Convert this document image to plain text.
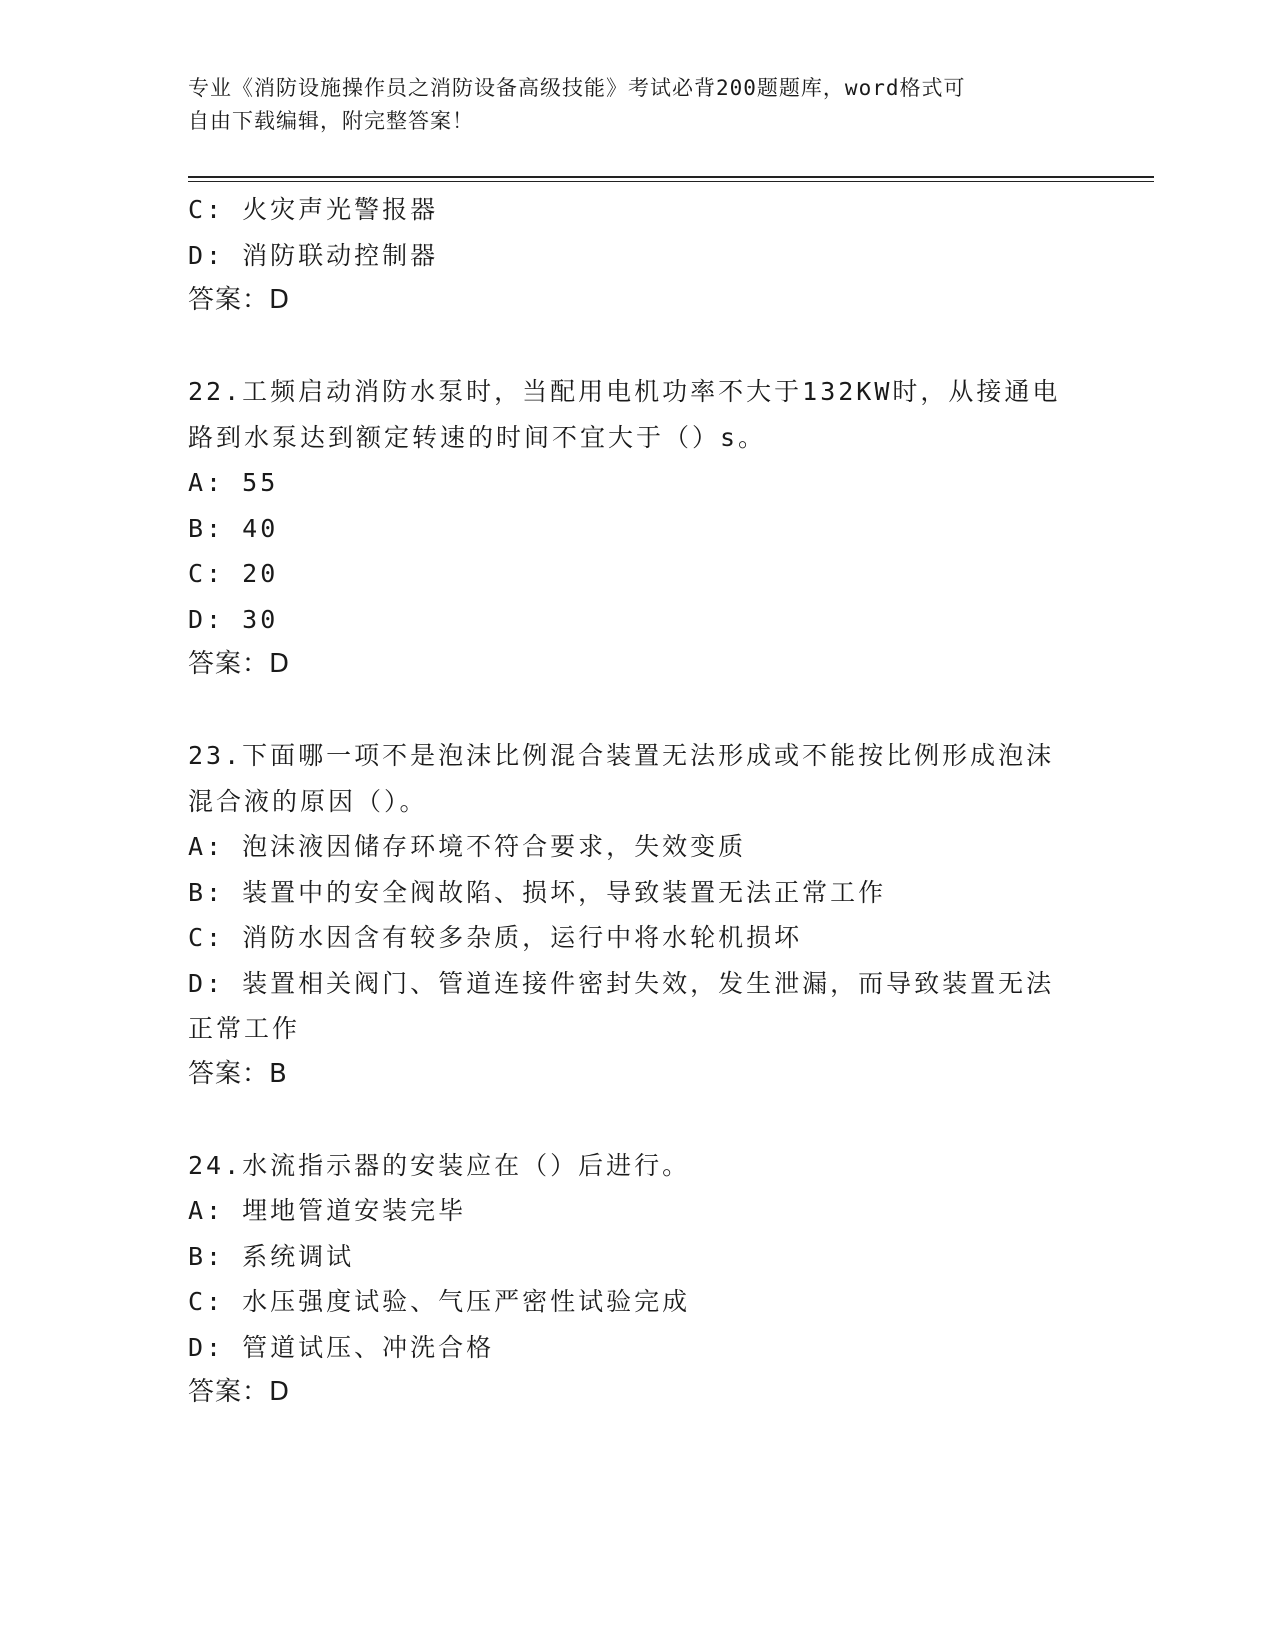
专业《消防设施操作员之消防设备高级技能》考试必背200题题库，word格式可
自由下载编辑，附完整答案！
C: 火灾声光警报器
D: 消防联动控制器
答案：D
22.工频启动消防水泵时，当配用电机功率不大于132KW时，从接通电
路到水泵达到额定转速的时间不宜大于（）s。
A: 55
B: 40
C: 20
D: 30
答案：D
23.下面哪一项不是泡沫比例混合装置无法形成或不能按比例形成泡沫
混合液的原因（）。
A: 泡沫液因储存环境不符合要求，失效变质
B: 装置中的安全阀故陷、损坏，导致装置无法正常工作
C: 消防水因含有较多杂质，运行中将水轮机损坏
D: 装置相关阀门、管道连接件密封失效，发生泄漏，而导致装置无法
正常工作
答案：B
24.水流指示器的安装应在（）后进行。
A: 埋地管道安装完毕
B: 系统调试
C: 水压强度试验、气压严密性试验完成
D: 管道试压、冲洗合格
答案：D
